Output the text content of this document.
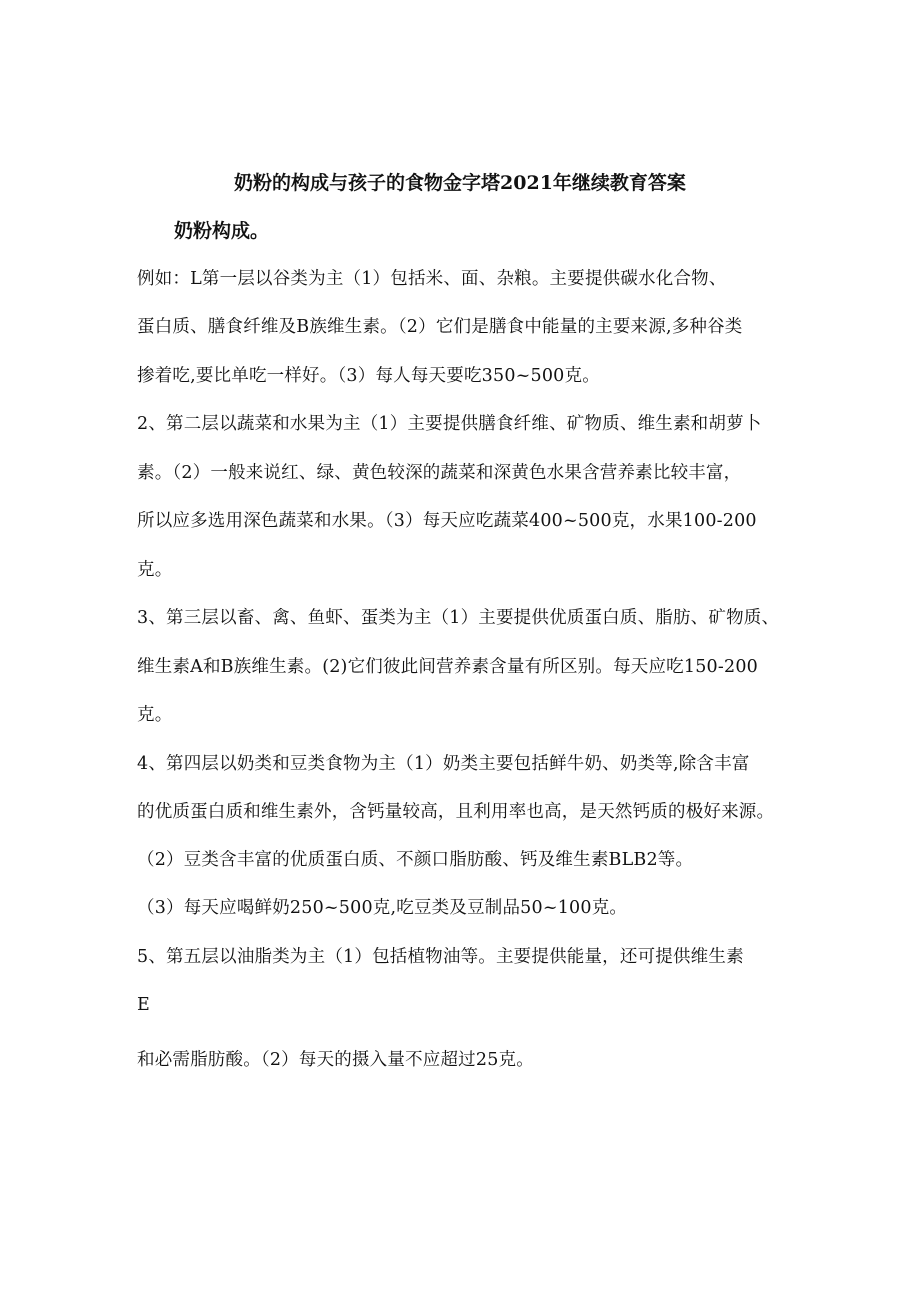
奶粉的构成与孩子的食物金字塔2021年继续教育答案
奶粉构成。
例如：L第一层以谷类为主（1）包括米、面、杂粮。主要提供碳水化合物、
蛋白质、膳食纤维及B族维生素。（2）它们是膳食中能量的主要来源,多种谷类
掺着吃,要比单吃一样好。（3）每人每天要吃350~500克。
2、第二层以蔬菜和水果为主（1）主要提供膳食纤维、矿物质、维生素和胡萝卜
素。（2）一般来说红、绿、黄色较深的蔬菜和深黄色水果含营养素比较丰富，
所以应多选用深色蔬菜和水果。（3）每天应吃蔬菜400~500克，水果100-200
克。
3、第三层以畜、禽、鱼虾、蛋类为主（1）主要提供优质蛋白质、脂肪、矿物质、
维生素A和B族维生素。(2)它们彼此间营养素含量有所区别。每天应吃150-200
克。
4、第四层以奶类和豆类食物为主（1）奶类主要包括鲜牛奶、奶类等,除含丰富
的优质蛋白质和维生素外，含钙量较高，且利用率也高，是天然钙质的极好来源。
（2）豆类含丰富的优质蛋白质、不颜口脂肪酸、钙及维生素BLB2等。
（3）每天应喝鲜奶250~500克,吃豆类及豆制品50~100克。
5、第五层以油脂类为主（1）包括植物油等。主要提供能量，还可提供维生素
E
和必需脂肪酸。（2）每天的摄入量不应超过25克。
